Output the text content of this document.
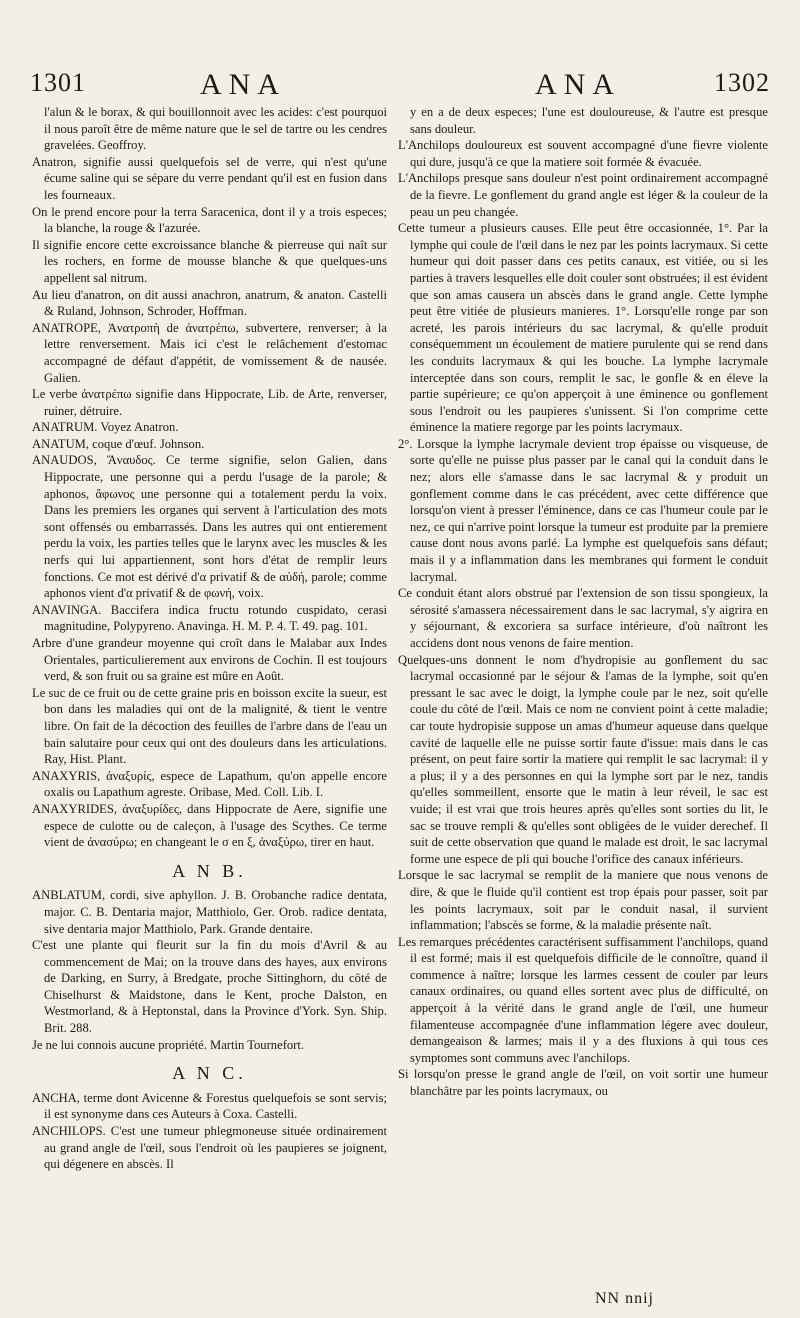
1301	ANA	ANA	1302

l'alun & le borax, & qui bouillonnoit avec les acides: c'est pourquoi il nous paroît être de même nature que le sel de tartre ou les cendres gravelées. Geoffroy.

Anatron, signifie aussi quelquefois sel de verre, qui n'est qu'une écume saline qui se sépare du verre pendant qu'il est en fusion dans les fourneaux.

On le prend encore pour la terra Saracenica, dont il y a trois especes; la blanche, la rouge & l'azurée.

Il signifie encore cette excroissance blanche & pierreuse qui naît sur les rochers, en forme de mousse blanche & que quelques-uns appellent sal nitrum.

Au lieu d'anatron, on dit aussi anachron, anatrum, & anaton. Castelli & Ruland, Johnson, Schroder, Hoffman.

ANATROPE, Ἀνατροπὴ de ἀνατρέπω, subvertere, renverser; à la lettre renversement. Mais ici c'est le relâchement d'estomac accompagné de défaut d'appétit, de vomissement & de nausée. Galien.

Le verbe ἀνατρέπω signifie dans Hippocrate, Lib. de Arte, renverser, ruiner, détruire.

ANATRUM. Voyez Anatron.

ANATUM, coque d'œuf. Johnson.

ANAUDOS, Ἄναυδος. Ce terme signifie, selon Galien, dans Hippocrate, une personne qui a perdu l'usage de la parole; & aphonos, ἄφωνος une personne qui a totalement perdu la voix. Dans les premiers les organes qui servent à l'articulation des mots sont offensés ou embarrassés. Dans les autres qui ont entierement perdu la voix, les parties telles que le larynx avec les muscles & les nerfs qui lui appartiennent, sont hors d'état de remplir leurs fonctions. Ce mot est dérivé d'α privatif & de αὐδή, parole; comme aphonos vient d'α privatif & de φωνή, voix.

ANAVINGA. Baccifera indica fructu rotundo cuspidato, cerasi magnitudine, Polypyreno. Anavinga. H. M. P. 4. T. 49. pag. 101.

Arbre d'une grandeur moyenne qui croît dans le Malabar aux Indes Orientales, particulierement aux environs de Cochin. Il est toujours verd, & son fruit ou sa graine est mûre en Août.

Le suc de ce fruit ou de cette graine pris en boisson excite la sueur, est bon dans les maladies qui ont de la malignité, & tient le ventre libre. On fait de la décoction des feuilles de l'arbre dans de l'eau un bain salutaire pour ceux qui ont des douleurs dans les articulations. Ray, Hist. Plant.

ANAXYRIS, ἀναξυρίς, espece de Lapathum, qu'on appelle encore oxalis ou Lapathum agreste. Oribase, Med. Coll. Lib. I.

ANAXYRIDES, ἀναξυρίδες, dans Hippocrate de Aere, signifie une espece de culotte ou de caleçon, à l'usage des Scythes. Ce terme vient de ἀνασύρω; en changeant le σ en ξ, ἀναξύρω, tirer en haut.

A N B.

ANBLATUM, cordi, sive aphyllon. J. B. Orobanche radice dentata, major. C. B. Dentaria major, Matthiolo, Ger. Orob. radice dentata, sive dentaria major Matthiolo, Park. Grande dentaire.

C'est une plante qui fleurit sur la fin du mois d'Avril & au commencement de Mai; on la trouve dans des hayes, aux environs de Darking, en Surry, à Bredgate, proche Sittinghorn, du côté de Chiselhurst & Maidstone, dans le Kent, proche Dalston, en Westmorland, & à Heptonstal, dans la Province d'York. Syn. Ship. Brit. 288.

Je ne lui connois aucune propriété. Martin Tournefort.

A N C.

ANCHA, terme dont Avicenne & Forestus quelquefois se sont servis; il est synonyme dans ces Auteurs à Coxa. Castelli.

ANCHILOPS. C'est une tumeur phlegmoneuse située ordinairement au grand angle de l'œil, sous l'endroit où les paupieres se joignent, qui dégenere en abscès. Il

y en a de deux especes; l'une est douloureuse, & l'autre est presque sans douleur.

L'Anchilops douloureux est souvent accompagné d'une fievre violente qui dure, jusqu'à ce que la matiere soit formée & évacuée.

L'Anchilops presque sans douleur n'est point ordinairement accompagné de la fievre. Le gonflement du grand angle est léger & la couleur de la peau un peu changée.

Cette tumeur a plusieurs causes. Elle peut être occasionnée, 1°. Par la lymphe qui coule de l'œil dans le nez par les points lacrymaux. Si cette humeur qui doit passer dans ces petits canaux, est vitiée, ou si les parties à travers lesquelles elle doit couler sont obstruées; il est évident que son amas causera un abscès dans le grand angle. Cette lymphe peut être vitiée de plusieurs manieres. 1°. Lorsqu'elle ronge par son acreté, les parois intérieurs du sac lacrymal, & qu'elle produit conséquemment un écoulement de matiere purulente qui se rend dans les conduits lacrymaux & qui les bouche. La lymphe lacrymale interceptée dans son cours, remplit le sac, le gonfle & en éleve la partie supérieure; ce qu'on apperçoit à une éminence ou gonflement sous l'endroit ou les paupieres s'unissent. Si l'on comprime cette éminence la matiere regorge par les points lacrymaux.

2°. Lorsque la lymphe lacrymale devient trop épaisse ou visqueuse, de sorte qu'elle ne puisse plus passer par le canal qui la conduit dans le nez; alors elle s'amasse dans le sac lacrymal & y produit un gonflement comme dans le cas précédent, avec cette différence que lorsqu'on vient à presser l'éminence, dans ce cas l'humeur coule par le nez, ce qui n'arrive point lorsque la tumeur est produite par la premiere cause dont nous avons parlé. La lymphe est quelquefois sans défaut; mais il y a inflammation dans les membranes qui forment le conduit lacrymal.

Ce conduit étant alors obstrué par l'extension de son tissu spongieux, la sérosité s'amassera nécessairement dans le sac lacrymal, s'y aigrira en y séjournant, & excoriera sa surface intérieure, d'où naîtront les accidens dont nous venons de faire mention.

Quelques-uns donnent le nom d'hydropisie au gonflement du sac lacrymal occasionné par le séjour & l'amas de la lymphe, soit qu'en pressant le sac avec le doigt, la lymphe coule par le nez, soit qu'elle coule du côté de l'œil. Mais ce nom ne convient point à cette maladie; car toute hydropisie suppose un amas d'humeur aqueuse dans quelque cavité de laquelle elle ne puisse sortir faute d'issue: mais dans le cas présent, on peut faire sortir la matiere qui remplit le sac lacrymal: il y a plus; il y a des personnes en qui la lymphe sort par le nez, tandis qu'elles sommeillent, ensorte que le matin à leur réveil, le sac est vuide; il est vrai que trois heures après qu'elles sont sorties du lit, le sac se trouve rempli & qu'elles sont obligées de le vuider derechef. Il suit de cette observation que quand le malade est droit, le sac lacrymal forme une espece de pli qui bouche l'orifice des canaux inférieurs.

Lorsque le sac lacrymal se remplit de la maniere que nous venons de dire, & que le fluide qu'il contient est trop épais pour passer, soit par les points lacrymaux, soit par le conduit nasal, il survient inflammation; l'abscès se forme, & la maladie présente naît.

Les remarques précédentes caractérisent suffisamment l'anchilops, quand il est formé; mais il est quelquefois difficile de le connoître, quand il commence à naître; lorsque les larmes cessent de couler par leurs canaux ordinaires, ou quand elles sortent avec plus de difficulté, on apperçoit à la vérité dans le grand angle de l'œil, une humeur filamenteuse accompagnée d'une inflammation légere avec douleur, demangeaison & larmes; mais il y a des fluxions à qui tous ces symptomes sont communs avec l'anchilops.

Si lorsqu'on presse le grand angle de l'œil, on voit sortir une humeur blanchâtre par les points lacrymaux, ou

NN nnij
